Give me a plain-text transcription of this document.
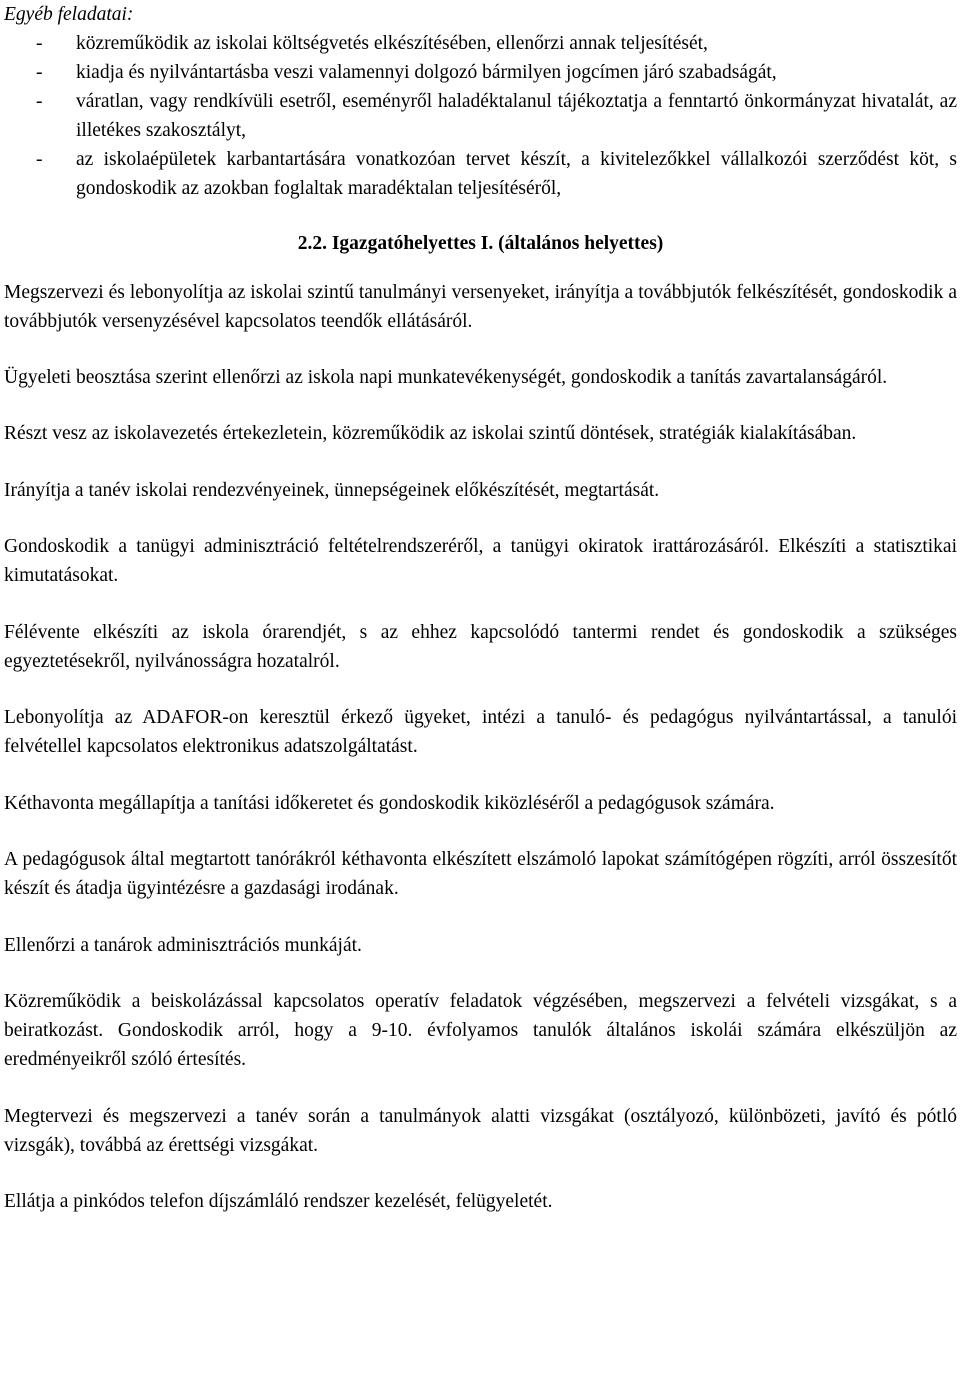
Egyéb feladatai:

- közreműködik az iskolai költségvetés elkészítésében, ellenőrzi annak teljesítését,
- kiadja és nyilvántartásba veszi valamennyi dolgozó bármilyen jogcímen járó szabadságát,
- váratlan, vagy rendkívüli esetről, eseményről haladéktalanul tájékoztatja a fenntartó önkormányzat hivatalát, az illetékes szakosztályt,
- az iskolaépületek karbantartására vonatkozóan tervet készít, a kivitelezőkkel vállalkozói szerződést köt, s gondoskodik az azokban foglaltak maradéktalan teljesítéséről,
2.2. Igazgatóhelyettes I. (általános helyettes)

Megszervezi és lebonyolítja az iskolai szintű tanulmányi versenyeket, irányítja a továbbjutók felkészítését, gondoskodik a továbbjutók versenyzésével kapcsolatos teendők ellátásáról.

Ügyeleti beosztása szerint ellenőrzi az iskola napi munkatevékenységét, gondoskodik a tanítás zavartalanságáról.

Részt vesz az iskolavezetés értekezletein, közreműködik az iskolai szintű döntések, stratégiák kialakításában.

Irányítja a tanév iskolai rendezvényeinek, ünnepségeinek előkészítését, megtartását.

Gondoskodik a tanügyi adminisztráció feltételrendszeréről, a tanügyi okiratok irattározásáról. Elkészíti a statisztikai kimutatásokat.

Félévente elkészíti az iskola órarendjét, s az ehhez kapcsolódó tantermi rendet és gondoskodik a szükséges egyeztetésekről, nyilvánosságra hozatalról.

Lebonyolítja az ADAFOR-on keresztül érkező ügyeket, intézi a tanuló- és pedagógus nyilvántartással, a tanulói felvétellel kapcsolatos elektronikus adatszolgáltatást.

Kéthavonta megállapítja a tanítási időkeretet és gondoskodik kiközléséről a pedagógusok számára.

A pedagógusok által megtartott tanórákról kéthavonta elkészített elszámoló lapokat számítógépen rögzíti, arról összesítőt készít és átadja ügyintézésre a gazdasági irodának.

Ellenőrzi a tanárok adminisztrációs munkáját.

Közreműködik a beiskolázással kapcsolatos operatív feladatok végzésében, megszervezi a felvételi vizsgákat, s a beiratkozást. Gondoskodik arról, hogy a 9-10. évfolyamos tanulók általános iskolái számára elkészüljön az eredményeikről szóló értesítés.

Megtervezi és megszervezi a tanév során a tanulmányok alatti vizsgákat (osztályozó, különbözeti, javító és pótló vizsgák), továbbá az érettségi vizsgákat.

Ellátja a pinkódos telefon díjszámláló rendszer kezelését, felügyeletét.
